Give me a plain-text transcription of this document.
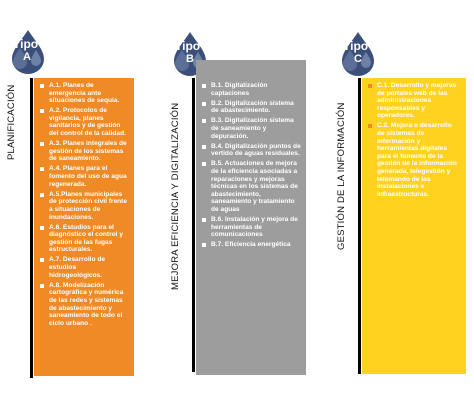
Tipo
A
PLANIFICACIÓN	A.1. Planes de emergencia ante situaciones de sequía.
A.2. Protocolos de vigilancia, planes sanitarios y de gestión del control de la calidad.
A.3. Planes integrales de gestión de los sistemas de saneamiento.
A.4. Planes para el fomento del uso de agua regenerada.
A.5.Planes municipales de protección civil frente a situaciones de inundaciones.
A.6. Estudios para el diagnóstico el control y gestión de las fugas estructurales.
A.7. Desarrollo de estudios hidrogeológicos.
A.8. Modelización cartográfica y numérica de las redes y sistemas de abastecimiento y saneamiento de todo el ciclo urbano .
Tipo
B
MEJORA EFICIENCIA Y DIGITALIZACIÓN
B.1. Digitalización captaciones
B.2. Digitalización sistema de abastecimiento.
B.3. Digitalización sistema de saneamiento y depuración.
B.4. Digitalización puntos de vertido de aguas residuales.
B.5. Actuaciones de mejora de la eficiencia asociadas a reparaciones y mejoras técnicas en los sistemas de abastecimiento, saneamiento y tratamiento de aguas
B.6. Instalación y mejora de herramientas de comunicaciones
B.7. Eficiencia energética
Tipo
C
GESTIÓN DE LA INFORMACIÓN
C.1. Desarrollo y mejoras de portales web de las administraciones responsables y operadores.
C.2. Mejora o desarrollo de sistemas de información y herramientas digitales para el fomento de la gestión de la información generada, telegestión y telemando de las instalaciones e infraestructuras.
